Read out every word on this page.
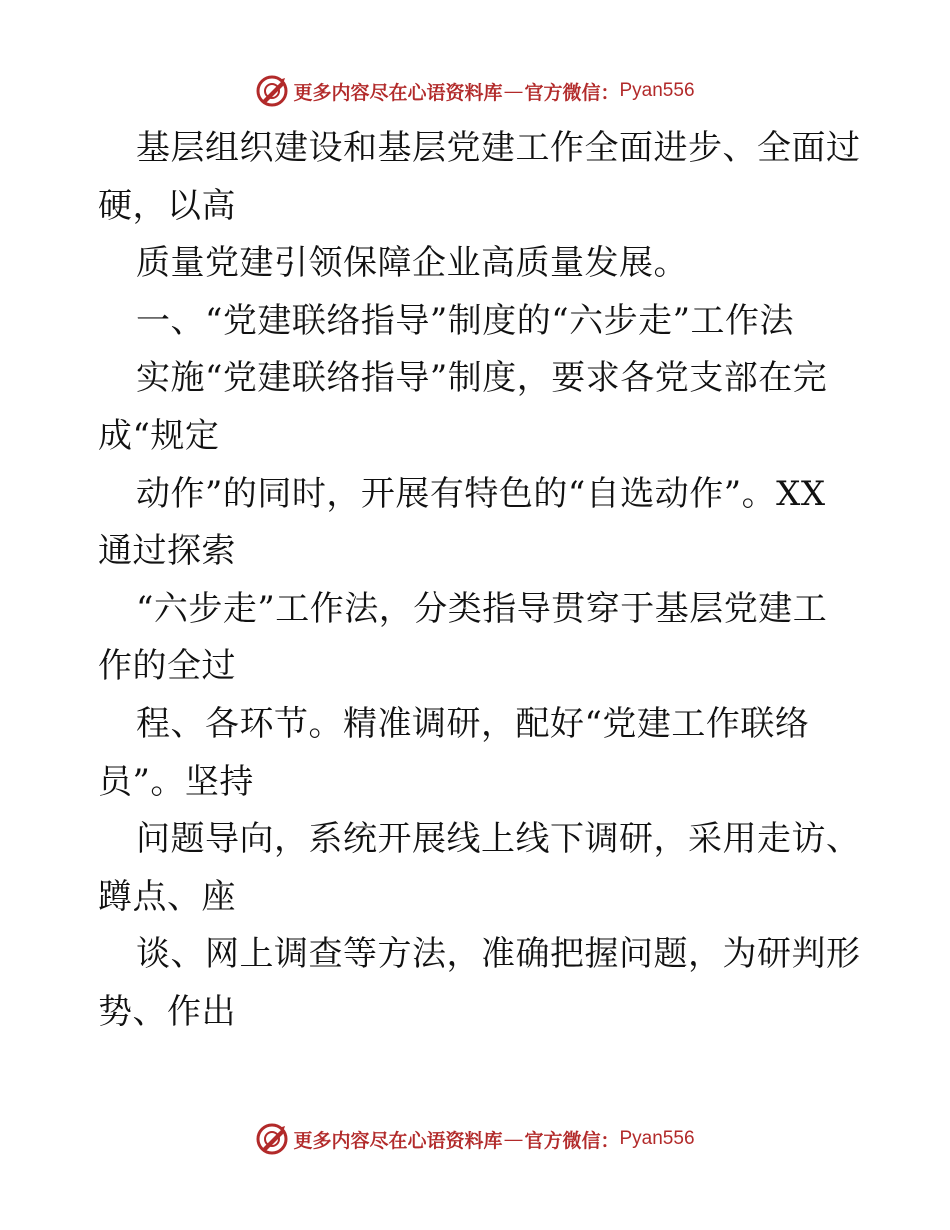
更多内容尽在心语资料库 — 官方微信： Pyan556
基层组织建设和基层党建工作全面进步、全面过
硬，以高
质量党建引领保障企业高质量发展。
一、“党建联络指导”制度的“六步走”工作法
实施“党建联络指导”制度，要求各党支部在完
成“规定
动作”的同时，开展有特色的“自选动作”。XX
通过探索
“六步走”工作法，分类指导贯穿于基层党建工
作的全过
程、各环节。精准调研，配好“党建工作联络
员”。坚持
问题导向，系统开展线上线下调研，采用走访、
蹲点、座
谈、网上调查等方法，准确把握问题，为研判形
势、作出
更多内容尽在心语资料库 — 官方微信： Pyan556
